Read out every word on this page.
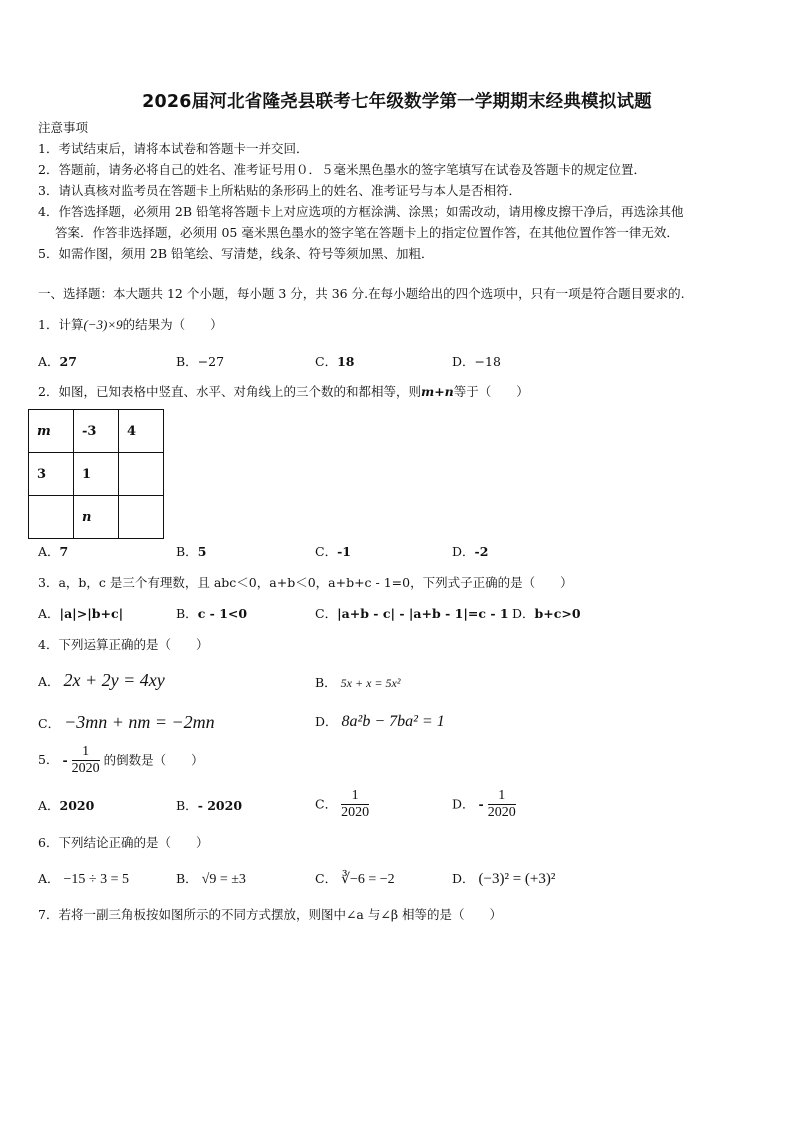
2026届河北省隆尧县联考七年级数学第一学期期末经典模拟试题
注意事项
1．考试结束后，请将本试卷和答题卡一并交回．
2．答题前，请务必将自己的姓名、准考证号用０．５毫米黑色墨水的签字笔填写在试卷及答题卡的规定位置．
3．请认真核对监考员在答题卡上所粘贴的条形码上的姓名、准考证号与本人是否相符．
4．作答选择题，必须用 2B 铅笔将答题卡上对应选项的方框涂满、涂黑；如需改动，请用橡皮擦干净后，再选涂其他
答案．作答非选择题，必须用 05 毫米黑色墨水的签字笔在答题卡上的指定位置作答，在其他位置作答一律无效．
5．如需作图，须用 2B 铅笔绘、写清楚，线条、符号等须加黑、加粗．
一、选择题：本大题共 12 个小题，每小题 3 分，共 36 分.在每小题给出的四个选项中，只有一项是符合题目要求的.
1．计算(−3)×9的结果为（　　）
A．27	B．−27	C．18	D．−18
2．如图，已知表格中竖直、水平、对角线上的三个数的和都相等，则m+n等于（　　）
m	-3	4
3	1	
	n	
A．7	B．5	C．-1	D．-2
3．a，b，c 是三个有理数，且 abc＜0，a+b＜0，a+b+c - 1=0，下列式子正确的是（　　）
A．|a|>|b+c|	B．c - 1<0	C．|a+b - c| - |a+b - 1|=c - 1 D．b+c>0
4．下列运算正确的是（　　）
A． 2x + 2y = 4xy	B． 5x + x = 5x²
C． −3mn + nm = −2mn	D． 8a²b − 7ba² = 1
5． - $\frac{1}{2020}$ 的倒数是（　　）
A．2020	B．- 2020	C． $\frac{1}{2020}$	D． - $\frac{1}{2020}$
6．下列结论正确的是（　　）
A． −15 ÷ 3 = 5	B． √9 = ±3	C． ∛−6 = −2	D． (−3)² = (+3)²
7．若将一副三角板按如图所示的不同方式摆放，则图中∠a 与∠β 相等的是（　　）
